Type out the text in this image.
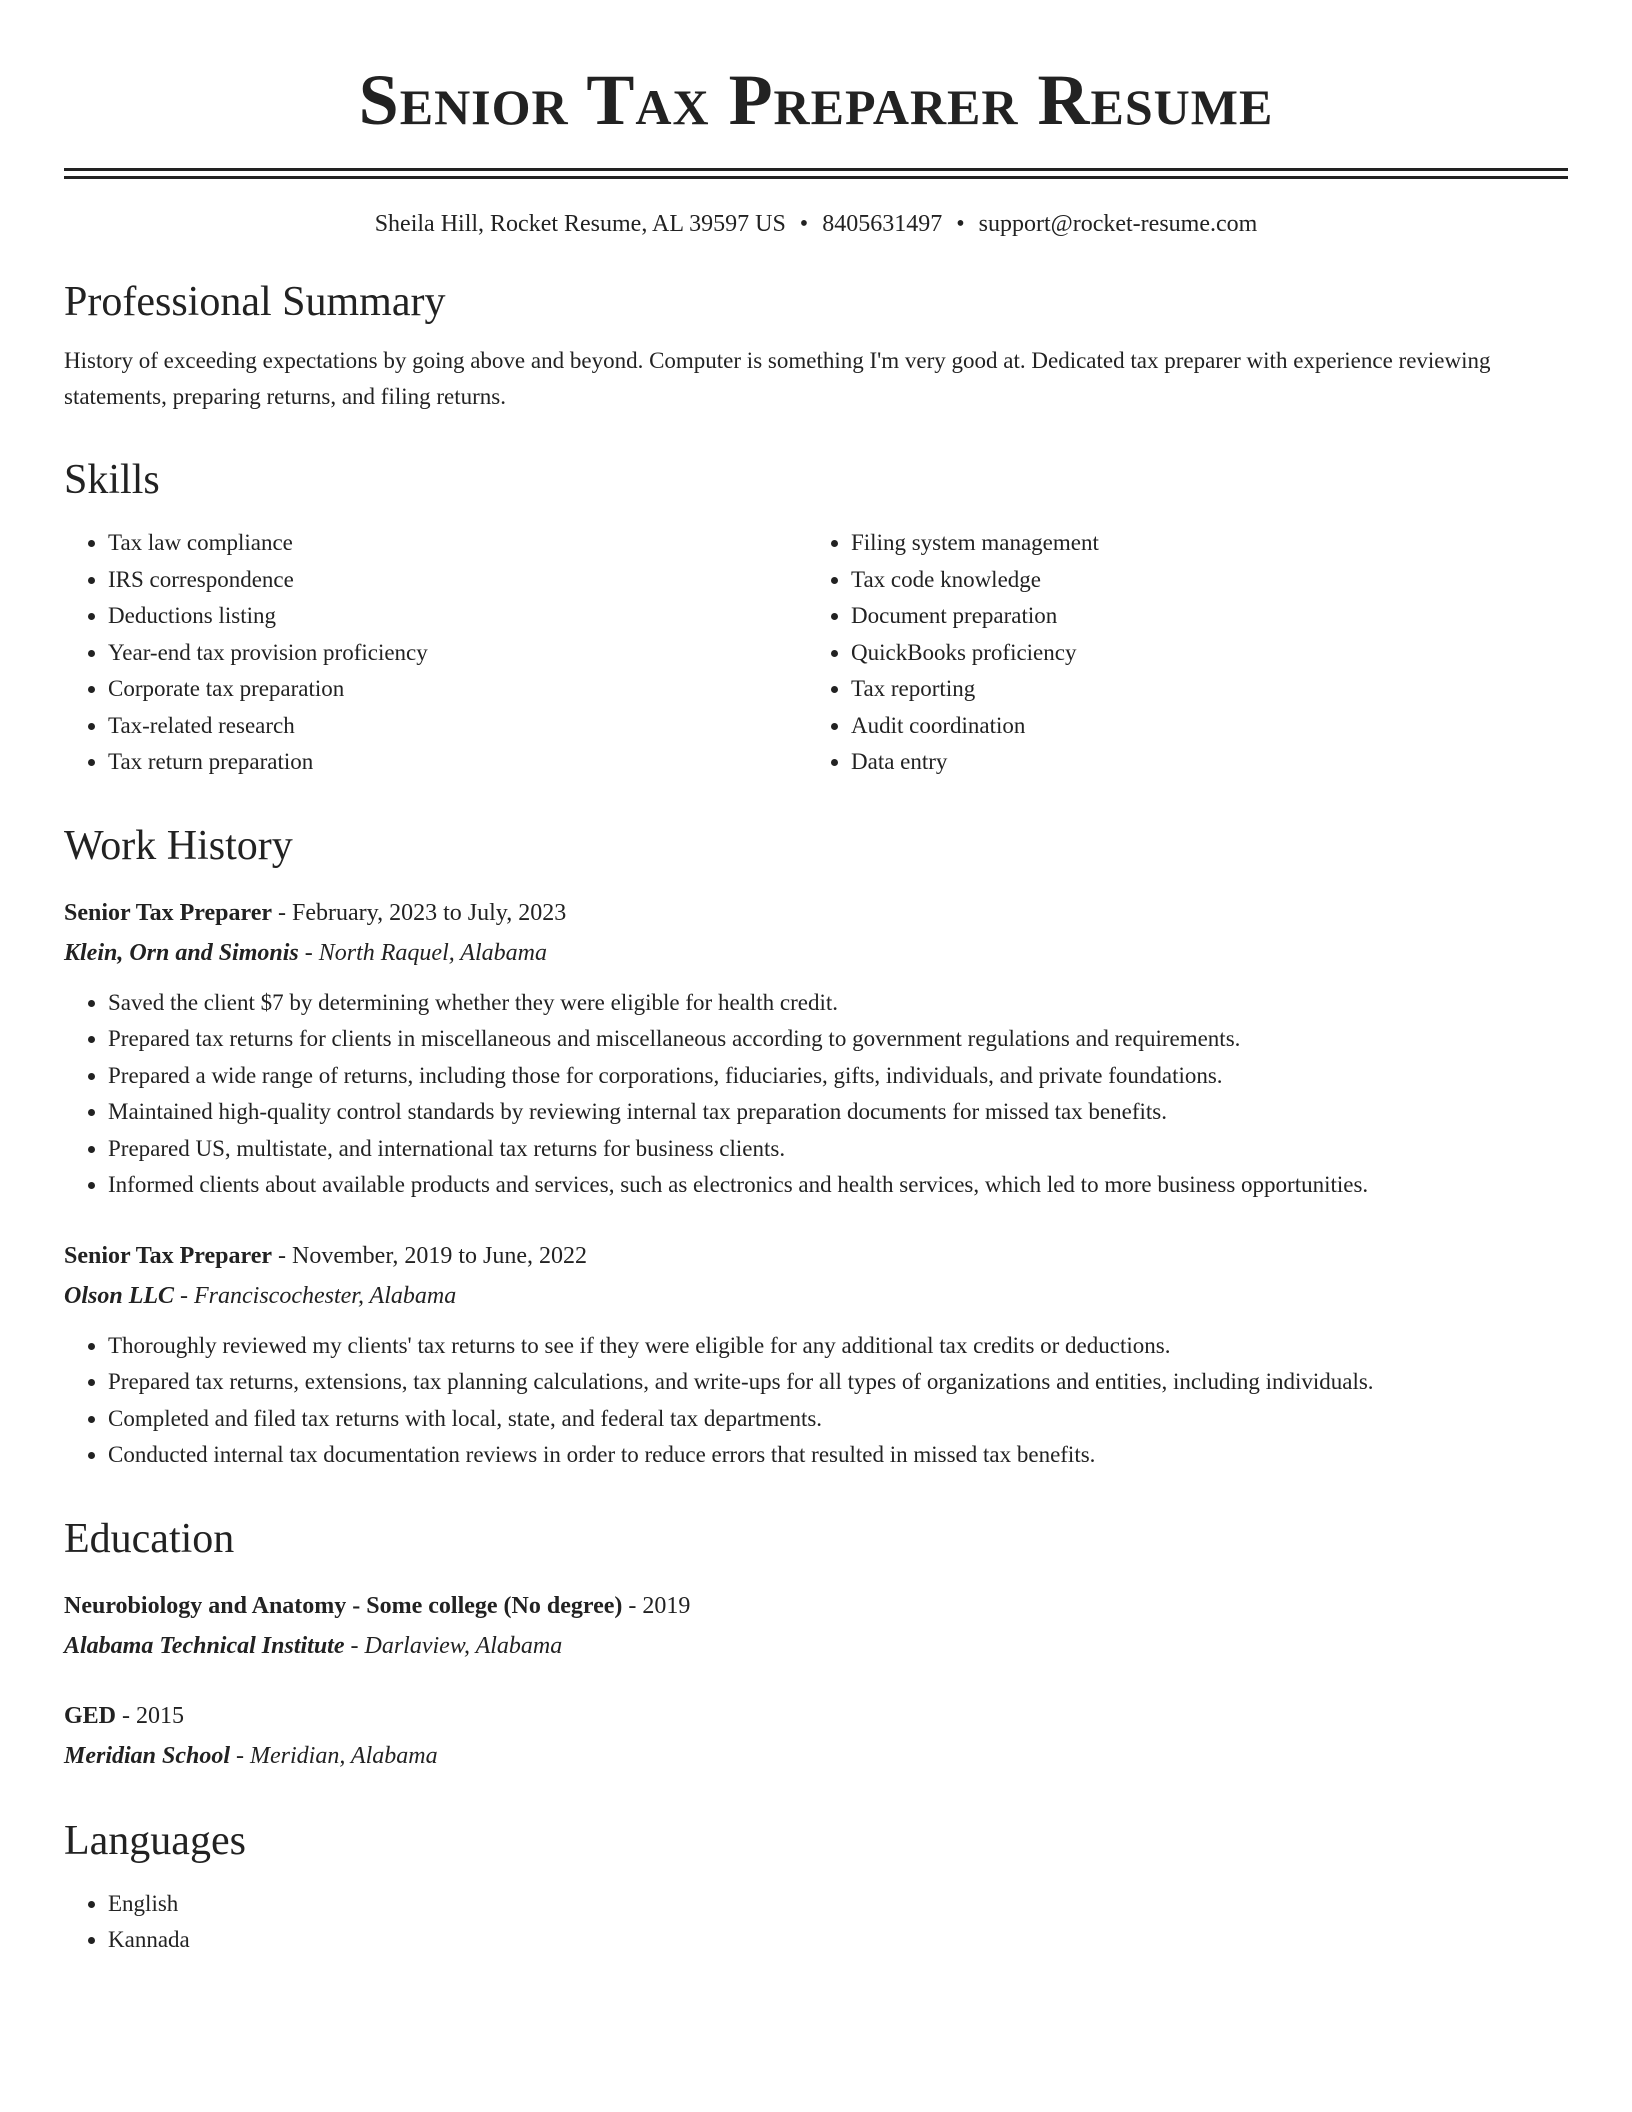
Senior Tax Preparer Resume
Sheila Hill, Rocket Resume, AL 39597 US • 8405631497 • support@rocket-resume.com
Professional Summary

History of exceeding expectations by going above and beyond. Computer is something I'm very good at. Dedicated tax preparer with experience reviewing statements, preparing returns, and filing returns.

Skills
• Tax law compliance
• IRS correspondence
• Deductions listing
• Year-end tax provision proficiency
• Corporate tax preparation
• Tax-related research
• Tax return preparation
• Filing system management
• Tax code knowledge
• Document preparation
• QuickBooks proficiency
• Tax reporting
• Audit coordination
• Data entry
Work History
Senior Tax Preparer - February, 2023 to July, 2023
Klein, Orn and Simonis - North Raquel, Alabama
• Saved the client $7 by determining whether they were eligible for health credit.
• Prepared tax returns for clients in miscellaneous and miscellaneous according to government regulations and requirements.
• Prepared a wide range of returns, including those for corporations, fiduciaries, gifts, individuals, and private foundations.
• Maintained high-quality control standards by reviewing internal tax preparation documents for missed tax benefits.
• Prepared US, multistate, and international tax returns for business clients.
• Informed clients about available products and services, such as electronics and health services, which led to more business opportunities.
Senior Tax Preparer - November, 2019 to June, 2022
Olson LLC - Franciscochester, Alabama
• Thoroughly reviewed my clients' tax returns to see if they were eligible for any additional tax credits or deductions.
• Prepared tax returns, extensions, tax planning calculations, and write-ups for all types of organizations and entities, including individuals.
• Completed and filed tax returns with local, state, and federal tax departments.
• Conducted internal tax documentation reviews in order to reduce errors that resulted in missed tax benefits.
Education
Neurobiology and Anatomy - Some college (No degree) - 2019
Alabama Technical Institute - Darlaview, Alabama
GED - 2015
Meridian School - Meridian, Alabama
Languages
• English
• Kannada
